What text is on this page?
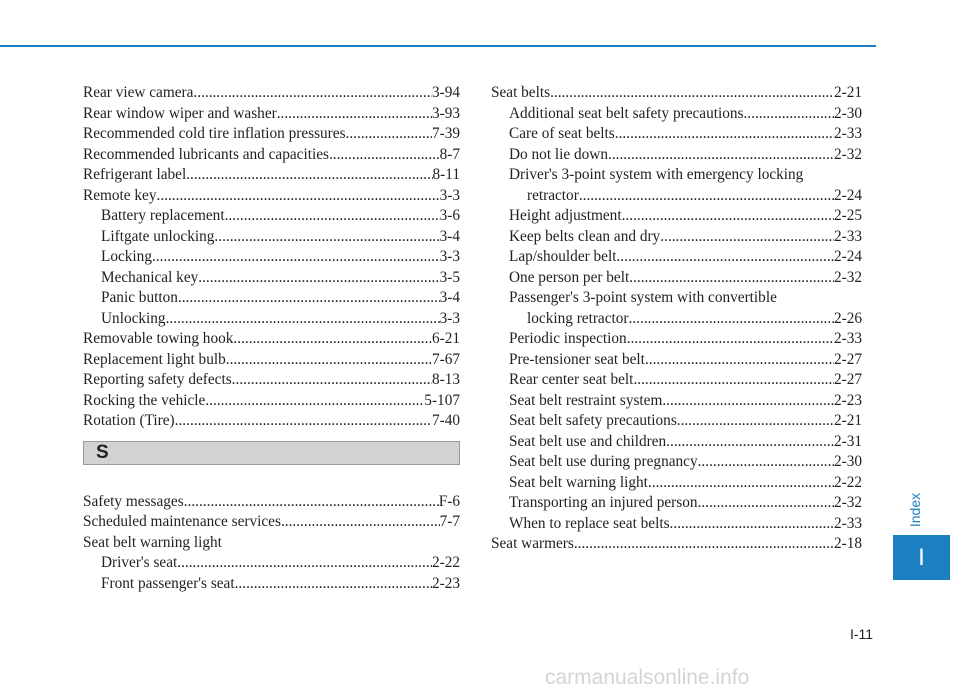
Rear view camera .....	3-94
Rear window wiper and washer .....	3-93
Recommended cold tire inflation pressures .....	7-39
Recommended lubricants and capacities .....	8-7
Refrigerant label .....	8-11
Remote key .....	3-3
Battery replacement .....	3-6
Liftgate unlocking .....	3-4
Locking .....	3-3
Mechanical key .....	3-5
Panic button .....	3-4
Unlocking .....	3-3
Removable towing hook .....	6-21
Replacement light bulb .....	7-67
Reporting safety defects .....	8-13
Rocking the vehicle .....	5-107
Rotation (Tire) .....	7-40
S
Safety messages .....	F-6
Scheduled maintenance services .....	7-7
Seat belt warning light
Driver's seat .....	2-22
Front passenger's seat .....	2-23
Seat belts .....	2-21
Additional seat belt safety precautions .....	2-30
Care of seat belts .....	2-33
Do not lie down .....	2-32
Driver's 3-point system with emergency locking
retractor .....	2-24
Height adjustment .....	2-25
Keep belts clean and dry .....	2-33
Lap/shoulder belt .....	2-24
One person per belt .....	2-32
Passenger's 3-point system with convertible
locking retractor .....	2-26
Periodic inspection .....	2-33
Pre-tensioner seat belt .....	2-27
Rear center seat belt .....	2-27
Seat belt restraint system .....	2-23
Seat belt safety precautions .....	2-21
Seat belt use and children .....	2-31
Seat belt use during pregnancy .....	2-30
Seat belt warning light .....	2-22
Transporting an injured person .....	2-32
When to replace seat belts .....	2-33
Seat warmers .....	2-18
Index
I
I-11
carmanualsonline.info
